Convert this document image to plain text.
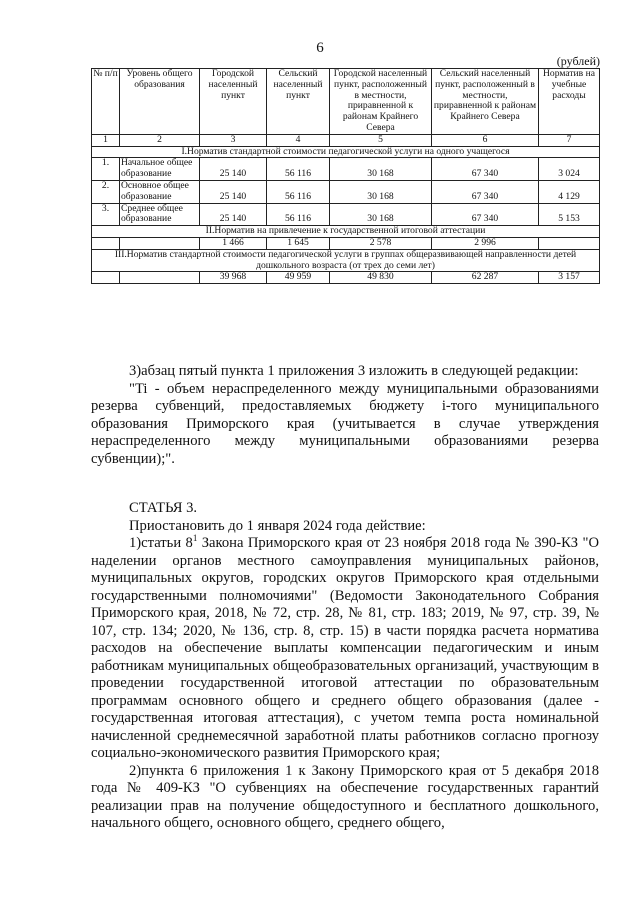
6
(рублей)
№ п/п	Уровень общего образования	Городской населенный пункт	Сельский населенный пункт	Городской населенный пункт, расположенный в местности, приравненной к районам Крайнего Севера	Сельский населенный пункт, расположенный в местности, приравненной к районам Крайнего Севера	Норматив на учебные расходы
1	2	3	4	5	6	7
I.Норматив стандартной стоимости педагогической услуги на одного учащегося						
1.	Начальное общее образование	25 140	56 116	30 168	67 340	3 024
2.	Основное общее образование	25 140	56 116	30 168	67 340	4 129
3.	Среднее общее образование	25 140	56 116	30 168	67 340	5 153
II.Норматив на привлечение к государственной итоговой аттестации						
		1 466	1 645	2 578	2 996	
III.Норматив стандартной стоимости педагогической услуги в группах общеразвивающей направленности детей дошкольного возраста (от трех до семи лет)						
		39 968	49 959	49 830	62 287	3 157

3)абзац пятый пункта 1 приложения 3 изложить в следующей редакции:

"Ti - объем нераспределенного между муниципальными образованиями резерва субвенций, предоставляемых бюджету i-того муниципального образования Приморского края (учитывается в случае утверждения нераспределенного между муниципальными образованиями резерва субвенции);".

СТАТЬЯ 3.

Приостановить до 1 января 2024 года действие:

1)статьи $8^1$ Закона Приморского края от 23 ноября 2018 года № 390-КЗ "О наделении органов местного самоуправления муниципальных районов, муниципальных округов, городских округов Приморского края отдельными государственными полномочиями" (Ведомости Законодательного Собрания Приморского края, 2018, № 72, стр. 28, № 81, стр. 183; 2019, № 97, стр. 39, № 107, стр. 134; 2020, № 136, стр. 8, стр. 15) в части порядка расчета норматива расходов на обеспечение выплаты компенсации педагогическим и иным работникам муниципальных общеобразовательных организаций, участвующим в проведении государственной итоговой аттестации по образовательным программам основного общего и среднего общего образования (далее - государственная итоговая аттестация), с учетом темпа роста номинальной начисленной среднемесячной заработной платы работников согласно прогнозу социально-экономического развития Приморского края;

2)пункта 6 приложения 1 к Закону Приморского края от 5 декабря 2018 года № 409-КЗ "О субвенциях на обеспечение государственных гарантий реализации прав на получение общедоступного и бесплатного дошкольного, начального общего, основного общего, среднего общего,
